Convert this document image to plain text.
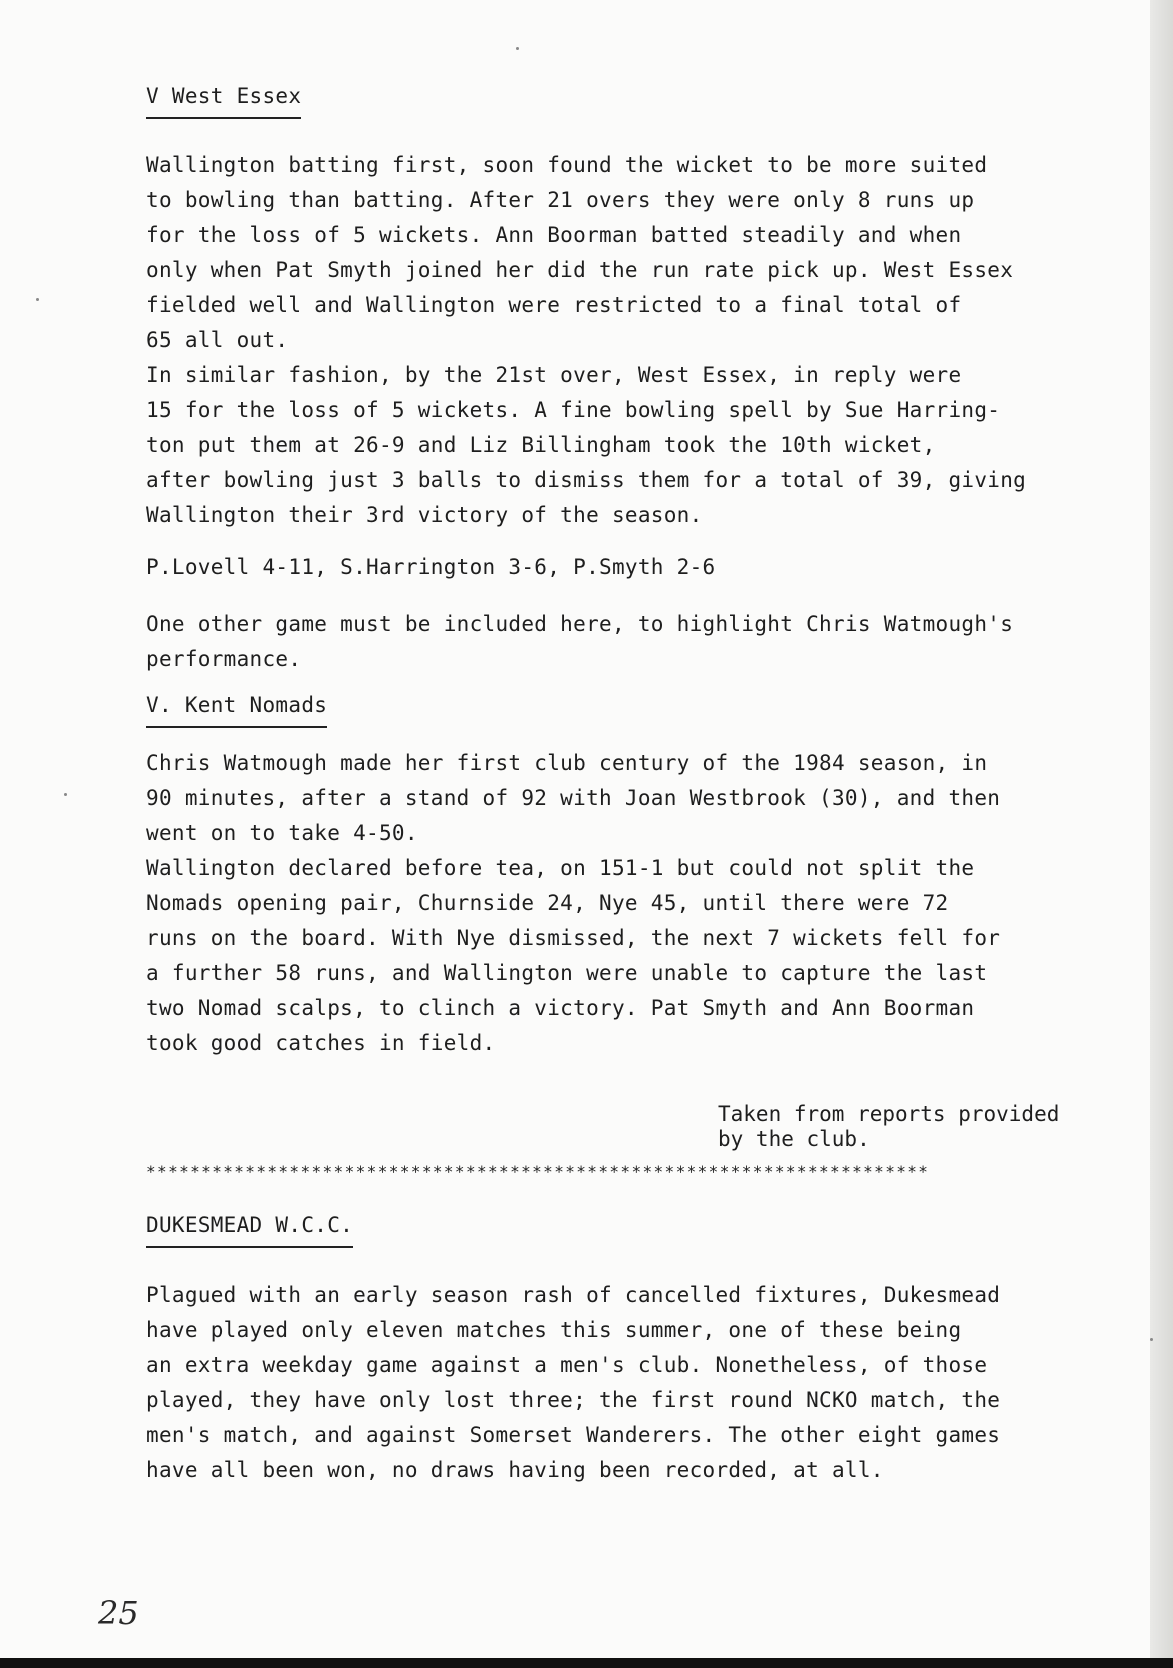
V West Essex

Wallington batting first, soon found the wicket to be more suited
to bowling than batting. After 21 overs they were only 8 runs up
for the loss of 5 wickets. Ann Boorman batted steadily and when
only when Pat Smyth joined her did the run rate pick up. West Essex
fielded well and Wallington were restricted to a final total of
65 all out.

In similar fashion, by the 21st over, West Essex, in reply were
15 for the loss of 5 wickets. A fine bowling spell by Sue Harring-
ton put them at 26-9 and Liz Billingham took the 10th wicket,
after bowling just 3 balls to dismiss them for a total of 39, giving
Wallington their 3rd victory of the season.

P.Lovell 4-11, S.Harrington 3-6, P.Smyth 2-6
One other game must be included here, to highlight Chris Watmough's
performance.
V. Kent Nomads

Chris Watmough made her first club century of the 1984 season, in
90 minutes, after a stand of 92 with Joan Westbrook (30), and then
went on to take 4-50.

Wallington declared before tea, on 151-1 but could not split the
Nomads opening pair, Churnside 24, Nye 45, until there were 72
runs on the board. With Nye dismissed, the next 7 wickets fell for
a further 58 runs, and Wallington were unable to capture the last
two Nomad scalps, to clinch a victory. Pat Smyth and Ann Boorman
took good catches in field.

Taken from reports provided
by the club.
***********************************************************************
DUKESMEAD W.C.C.
Plagued with an early season rash of cancelled fixtures, Dukesmead
have played only eleven matches this summer, one of these being
an extra weekday game against a men's club. Nonetheless, of those
played, they have only lost three; the first round NCKO match, the
men's match, and against Somerset Wanderers. The other eight games
have all been won, no draws having been recorded, at all.
25
